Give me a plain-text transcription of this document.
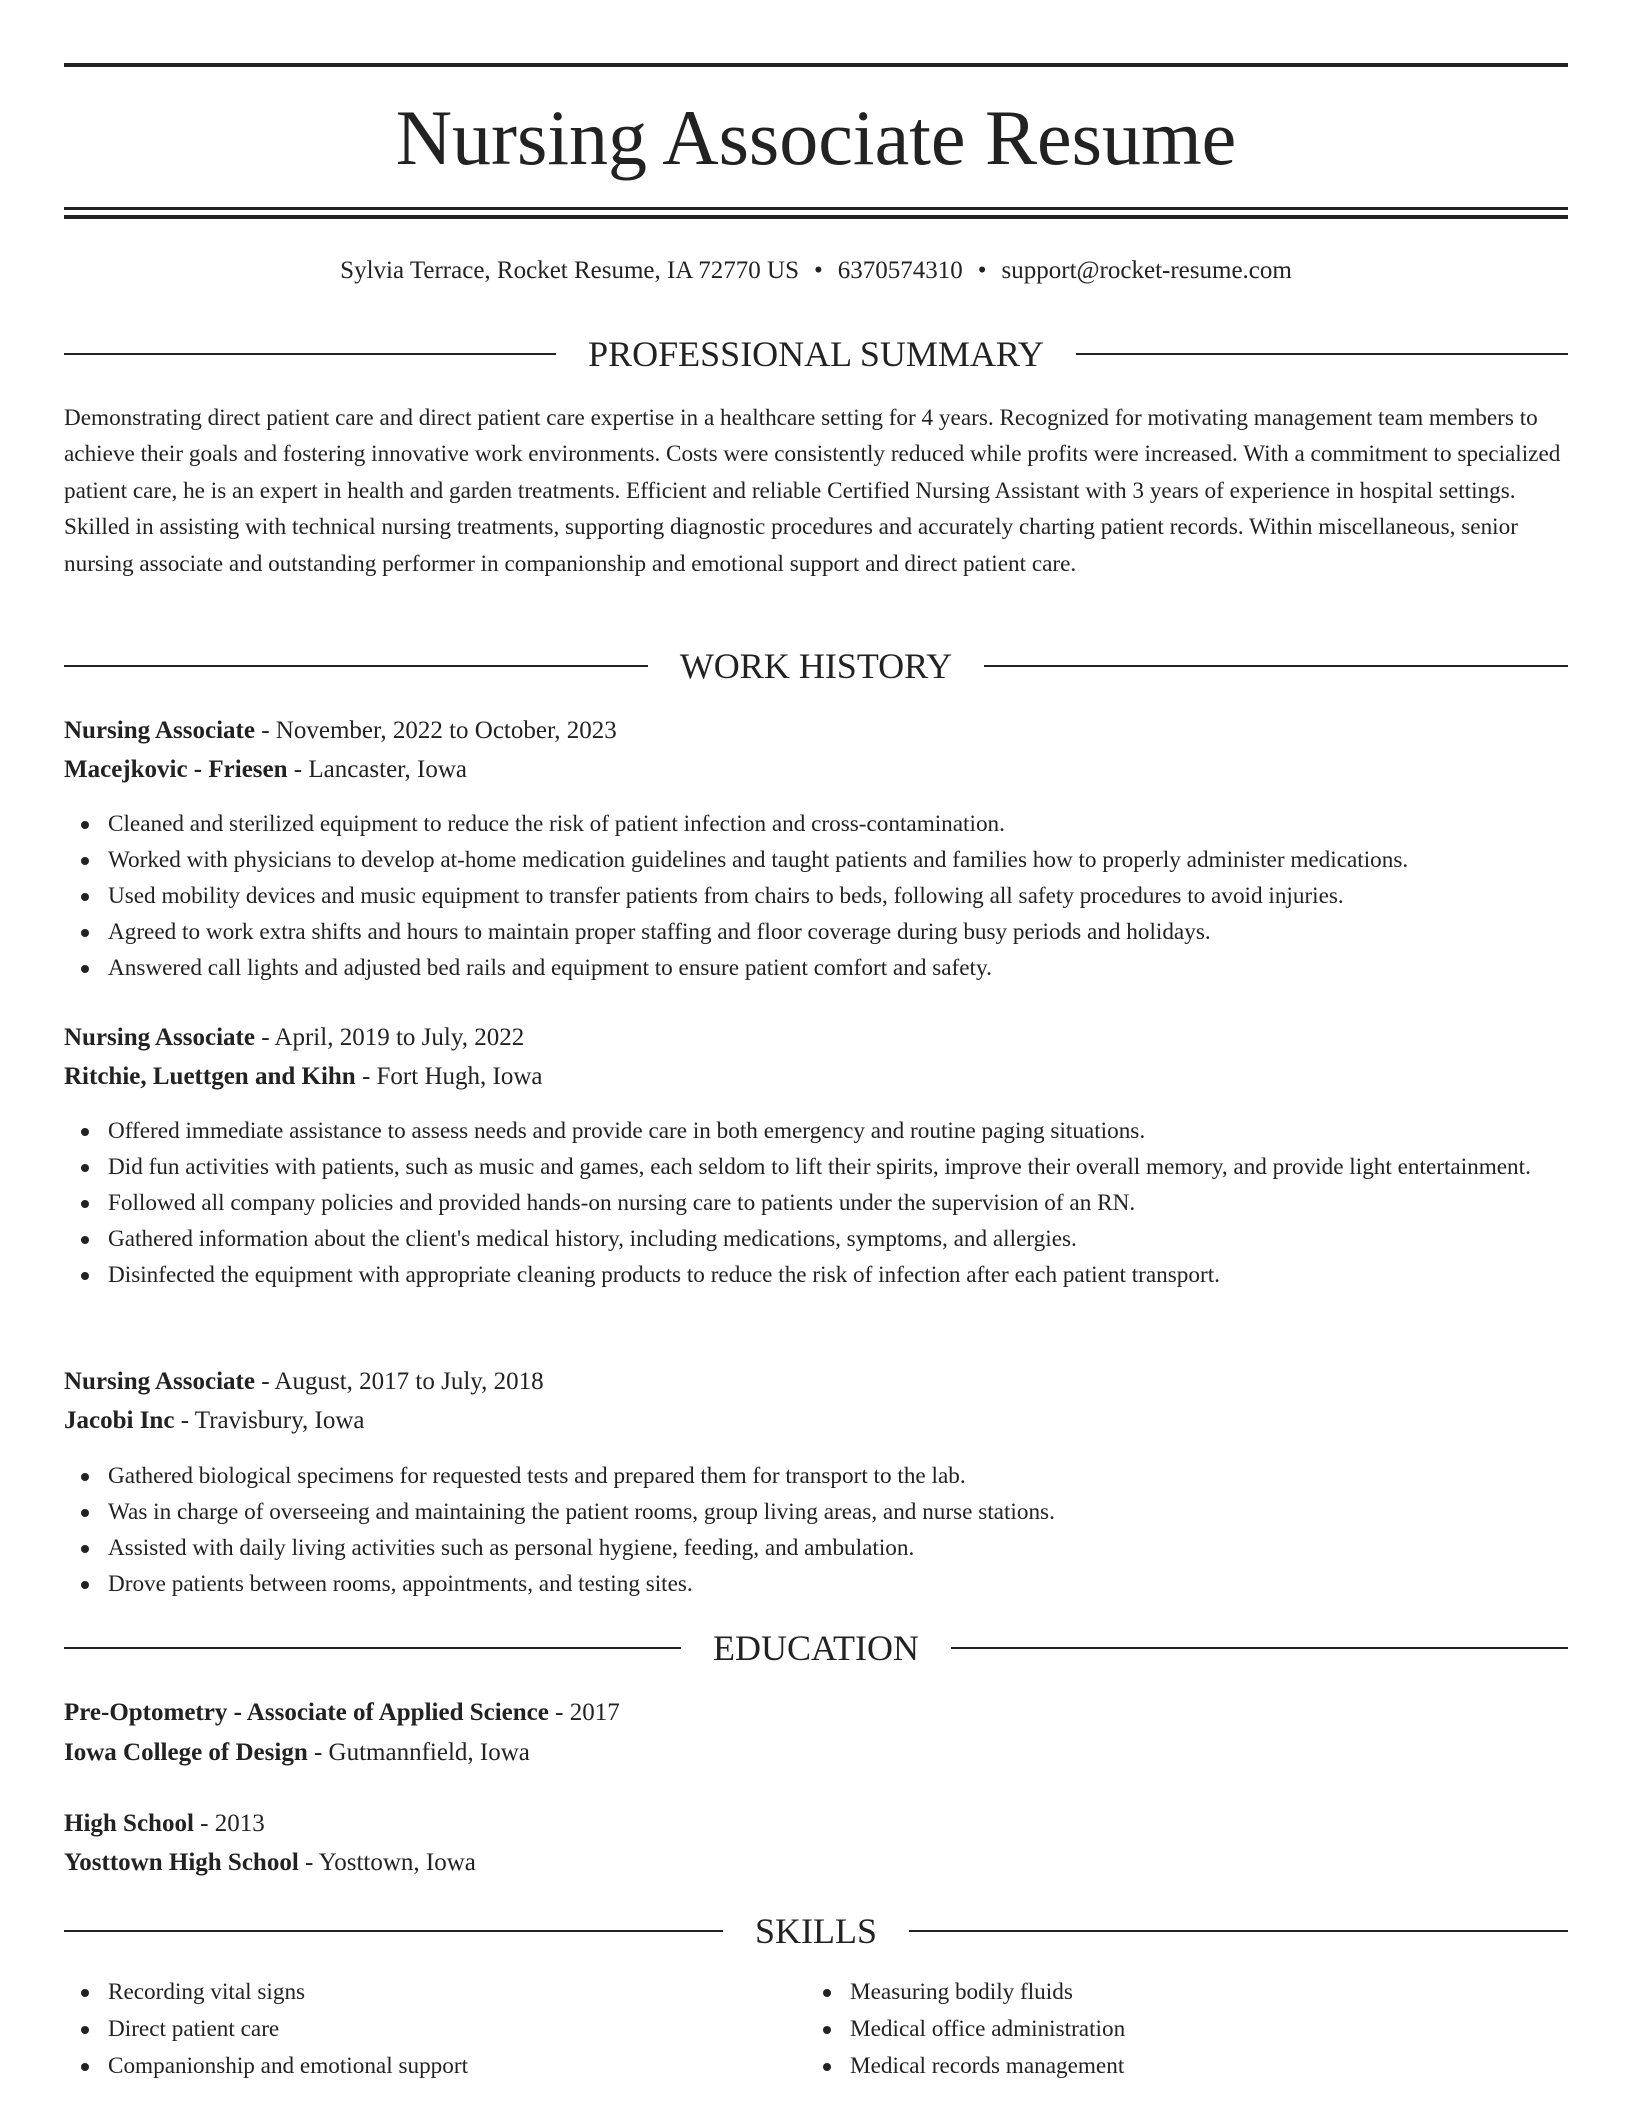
Nursing Associate Resume
Sylvia Terrace, Rocket Resume, IA 72770 US • 6370574310 • support@rocket-resume.com
PROFESSIONAL SUMMARY

Demonstrating direct patient care and direct patient care expertise in a healthcare setting for 4 years. Recognized for motivating management team members to achieve their goals and fostering innovative work environments. Costs were consistently reduced while profits were increased. With a commitment to specialized patient care, he is an expert in health and garden treatments. Efficient and reliable Certified Nursing Assistant with 3 years of experience in hospital settings. Skilled in assisting with technical nursing treatments, supporting diagnostic procedures and accurately charting patient records. Within miscellaneous, senior nursing associate and outstanding performer in companionship and emotional support and direct patient care.

WORK HISTORY
Nursing Associate - November, 2022 to October, 2023
Macejkovic - Friesen - Lancaster, Iowa
Cleaned and sterilized equipment to reduce the risk of patient infection and cross-contamination.
Worked with physicians to develop at-home medication guidelines and taught patients and families how to properly administer medications.
Used mobility devices and music equipment to transfer patients from chairs to beds, following all safety procedures to avoid injuries.
Agreed to work extra shifts and hours to maintain proper staffing and floor coverage during busy periods and holidays.
Answered call lights and adjusted bed rails and equipment to ensure patient comfort and safety.
Nursing Associate - April, 2019 to July, 2022
Ritchie, Luettgen and Kihn - Fort Hugh, Iowa
Offered immediate assistance to assess needs and provide care in both emergency and routine paging situations.
Did fun activities with patients, such as music and games, each seldom to lift their spirits, improve their overall memory, and provide light entertainment.
Followed all company policies and provided hands-on nursing care to patients under the supervision of an RN.
Gathered information about the client's medical history, including medications, symptoms, and allergies.
Disinfected the equipment with appropriate cleaning products to reduce the risk of infection after each patient transport.
Nursing Associate - August, 2017 to July, 2018
Jacobi Inc - Travisbury, Iowa
Gathered biological specimens for requested tests and prepared them for transport to the lab.
Was in charge of overseeing and maintaining the patient rooms, group living areas, and nurse stations.
Assisted with daily living activities such as personal hygiene, feeding, and ambulation.
Drove patients between rooms, appointments, and testing sites.
EDUCATION
Pre-Optometry - Associate of Applied Science - 2017
Iowa College of Design - Gutmannfield, Iowa
High School - 2013
Yosttown High School - Yosttown, Iowa
SKILLS
Recording vital signs
Direct patient care
Companionship and emotional support
Measuring bodily fluids
Medical office administration
Medical records management
